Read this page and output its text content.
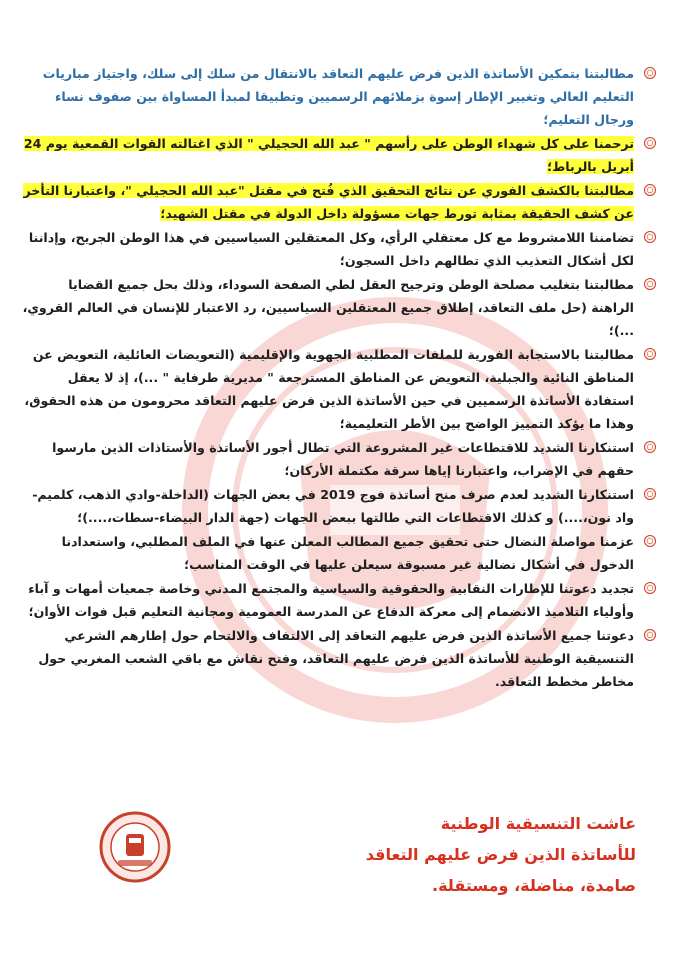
○
مطالبتنا بتمكين الأساتذة الذين فرض عليهم التعاقد بالانتقال من سلك إلى سلك، واجتياز مباريات التعليم العالي وتغيير الإطار إسوة بزملائهم الرسميين وتطبيقا لمبدأ المساواة بين صفوف نساء ورجال التعليم؛
○
ترحمنا على كل شهداء الوطن على رأسهم " عبد الله الحجيلي " الذي اغتالته القوات القمعية يوم 24 أبريل بالرباط؛
○
مطالبتنا بالكشف الفوري عن نتائج التحقيق الذي فُتح في مقتل "عبد الله الحجيلي "، واعتبارنا التأخر عن كشف الحقيقة بمثابة تورط جهات مسؤولة داخل الدولة في مقتل الشهيد؛
○
تضامننا اللامشروط مع كل معتقلي الرأي، وكل المعتقلين السياسيين في هذا الوطن الجريح، وإداننا لكل أشكال التعذيب الذي تطالهم داخل السجون؛
○
مطالبتنا بتغليب مصلحة الوطن وترجيح العقل لطي الصفحة السوداء، وذلك بحل جميع القضايا الراهنة (حل ملف التعاقد، إطلاق جميع المعتقلين السياسيين، رد الاعتبار للإنسان في العالم القروي، ...)؛
○
مطالبتنا بالاستجابة الفورية للملفات المطلبية الجهوية والإقليمية (التعويضات العائلية، التعويض عن المناطق النائية والجبلية، التعويض عن المناطق المسترجعة " مديرية طرفاية " ...)، إذ لا يعقل استفادة الأساتذة الرسميين في حين الأساتذة الذين فرض عليهم التعاقد محرومون من هذه الحقوق، وهذا ما يؤكد التمييز الواضح بين الأطر التعليمية؛
○
استنكارنا الشديد للاقتطاعات غير المشروعة التي تطال أجور الأساتذة والأستاذات الذين مارسوا حقهم في الإضراب، واعتبارنا إياها سرقة مكتملة الأركان؛
○
استنكارنا الشديد لعدم صرف منح أساتذة فوج 2019 في بعض الجهات (الداخلة-وادي الذهب، كلميم-واد نون،....) و كذلك الاقتطاعات التي طالتها ببعض الجهات (جهة الدار البيضاء-سطات،....)؛
○
عزمنا مواصلة النضال حتى تحقيق جميع المطالب المعلن عنها في الملف المطلبي، واستعدادنا الدخول في أشكال نضالية غير مسبوقة سيعلن عليها في الوقت المناسب؛
○
تجديد دعوتنا للإطارات النقابية والحقوقية والسياسية والمجتمع المدني وخاصة جمعيات أمهات و آباء وأولياء التلاميذ الانضمام إلى معركة الدفاع عن المدرسة العمومية ومجانية التعليم قبل فوات الأوان؛
○
دعوتنا جميع الأساتذة الذين فرض عليهم التعاقد إلى الالتفاف والالتحام حول إطارهم الشرعي التنسيقية الوطنية للأساتذة الذين فرض عليهم التعاقد، وفتح نقاش مع باقي الشعب المغربي حول مخاطر مخطط التعاقد.
عاشت التنسيقية الوطنية
للأساتذة الذين فرض عليهم التعاقد
صامدة، مناضلة، ومستقلة.
